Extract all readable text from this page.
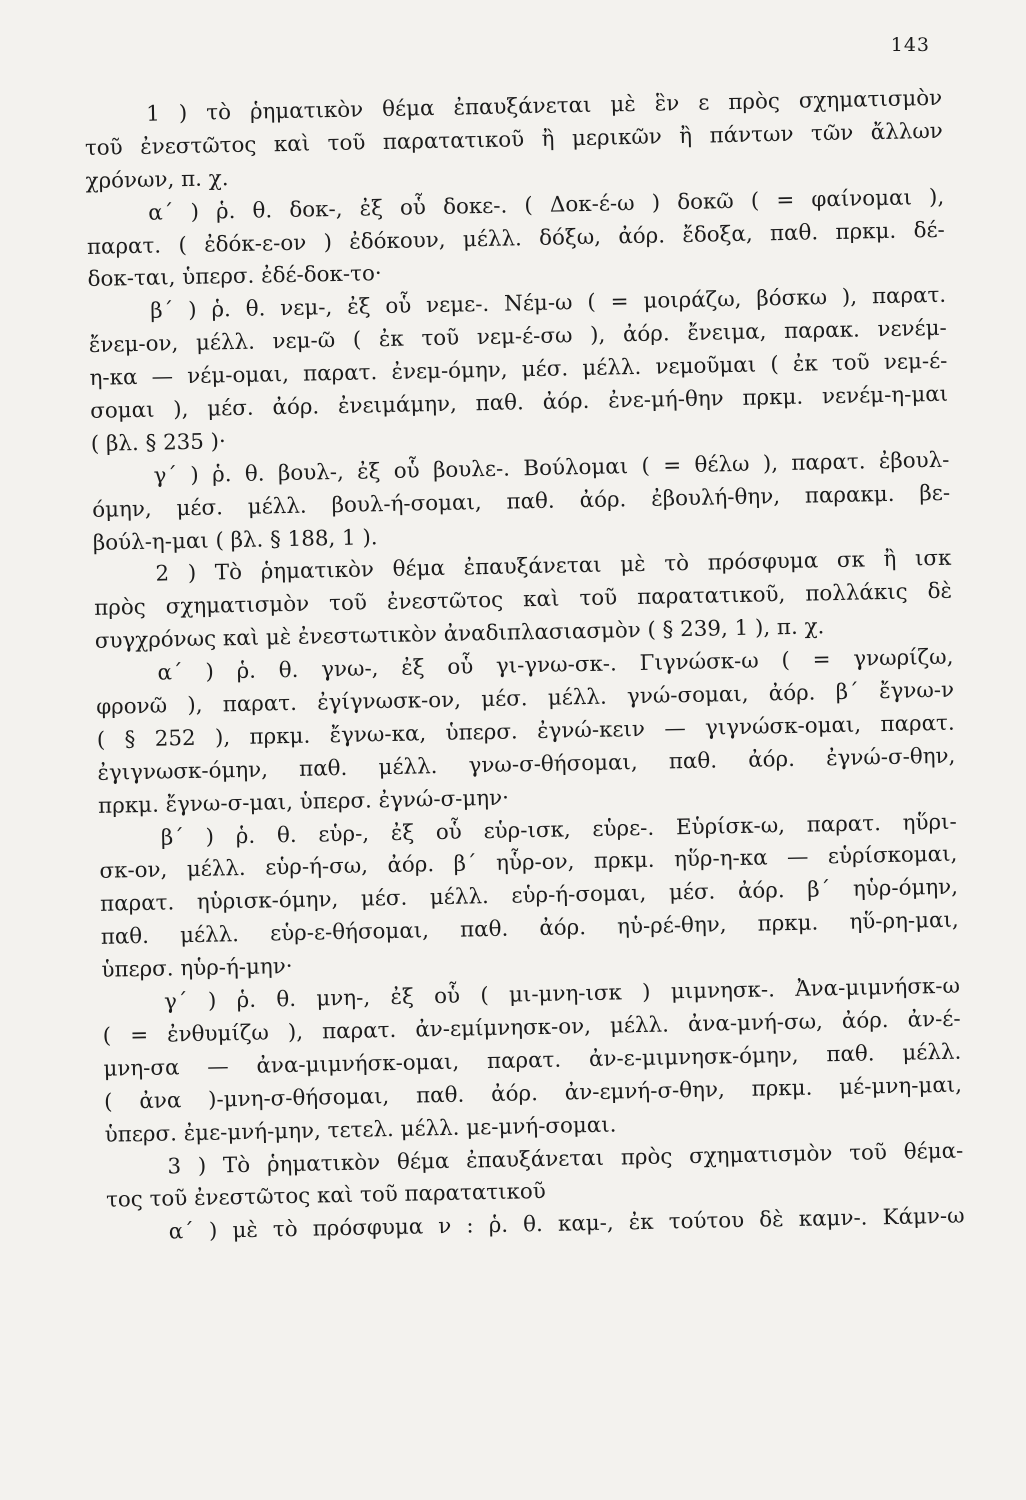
143
1 ) τὸ ῥηματικὸν θέμα ἐπαυξάνεται μὲ ἓν ε πρὸς σχηματισμὸν
τοῦ ἐνεστῶτος καὶ τοῦ παρατατικοῦ ἢ μερικῶν ἢ πάντων τῶν ἄλλων
χρόνων, π. χ.
α΄ ) ῥ. θ. δοκ-, ἐξ οὗ δοκε-. ( Δοκ-έ-ω ) δοκῶ ( = φαίνομαι ),
παρατ. ( ἐδόκ-ε-ον ) ἐδόκουν, μέλλ. δόξω, ἀόρ. ἔδοξα, παθ. πρκμ. δέ-
δοκ-ται, ὑπερσ. ἐδέ-δοκ-το·
β΄ ) ῥ. θ. νεμ-, ἐξ οὗ νεμε-. Νέμ-ω ( = μοιράζω, βόσκω ), παρατ.
ἔνεμ-ον, μέλλ. νεμ-ῶ ( ἐκ τοῦ νεμ-έ-σω ), ἀόρ. ἔνειμα, παρακ. νενέμ-
η-κα — νέμ-ομαι, παρατ. ἐνεμ-όμην, μέσ. μέλλ. νεμοῦμαι ( ἐκ τοῦ νεμ-έ-
σομαι ), μέσ. ἀόρ. ἐνειμάμην, παθ. ἀόρ. ἐνε-μή-θην πρκμ. νενέμ-η-μαι
( βλ. § 235 )·
γ΄ ) ῥ. θ. βουλ-, ἐξ οὗ βουλε-. Βούλομαι ( = θέλω ), παρατ. ἐβουλ-
όμην, μέσ. μέλλ. βουλ-ή-σομαι, παθ. ἀόρ. ἐβουλή-θην, παρακμ. βε-
βούλ-η-μαι ( βλ. § 188, 1 ).
2 ) Τὸ ῥηματικὸν θέμα ἐπαυξάνεται μὲ τὸ πρόσφυμα σκ ἢ ισκ
πρὸς σχηματισμὸν τοῦ ἐνεστῶτος καὶ τοῦ παρατατικοῦ, πολλάκις δὲ
συγχρόνως καὶ μὲ ἐνεστωτικὸν ἀναδιπλασιασμὸν ( § 239, 1 ), π. χ.
α΄ ) ῥ. θ. γνω-, ἐξ οὗ γι-γνω-σκ-. Γιγνώσκ-ω ( = γνωρίζω,
φρονῶ ), παρατ. ἐγίγνωσκ-ον, μέσ. μέλλ. γνώ-σομαι, ἀόρ. β΄ ἔγνω-ν
( § 252 ), πρκμ. ἔγνω-κα, ὑπερσ. ἐγνώ-κειν — γιγνώσκ-ομαι, παρατ.
ἐγιγνωσκ-όμην, παθ. μέλλ. γνω-σ-θήσομαι, παθ. ἀόρ. ἐγνώ-σ-θην,
πρκμ. ἔγνω-σ-μαι, ὑπερσ. ἐγνώ-σ-μην·
β΄ ) ῥ. θ. εὑρ-, ἐξ οὗ εὑρ-ισκ, εὑρε-. Εὑρίσκ-ω, παρατ. ηὕρι-
σκ-ον, μέλλ. εὑρ-ή-σω, ἀόρ. β΄ ηὗρ-ον, πρκμ. ηὕρ-η-κα — εὑρίσκομαι,
παρατ. ηὑρισκ-όμην, μέσ. μέλλ. εὑρ-ή-σομαι, μέσ. ἀόρ. β΄ ηὑρ-όμην,
παθ. μέλλ. εὑρ-ε-θήσομαι, παθ. ἀόρ. ηὑ-ρέ-θην, πρκμ. ηὕ-ρη-μαι,
ὑπερσ. ηὑρ-ή-μην·
γ΄ ) ῥ. θ. μνη-, ἐξ οὗ ( μι-μνη-ισκ ) μιμνησκ-. Ἀνα-μιμνήσκ-ω
( = ἐνθυμίζω ), παρατ. ἀν-εμίμνησκ-ον, μέλλ. ἀνα-μνή-σω, ἀόρ. ἀν-έ-
μνη-σα — ἀνα-μιμνήσκ-ομαι, παρατ. ἀν-ε-μιμνησκ-όμην, παθ. μέλλ.
( ἀνα )-μνη-σ-θήσομαι, παθ. ἀόρ. ἀν-εμνή-σ-θην, πρκμ. μέ-μνη-μαι,
ὑπερσ. ἐμε-μνή-μην, τετελ. μέλλ. με-μνή-σομαι.
3 ) Τὸ ῥηματικὸν θέμα ἐπαυξάνεται πρὸς σχηματισμὸν τοῦ θέμα-
τος τοῦ ἐνεστῶτος καὶ τοῦ παρατατικοῦ
α΄ ) μὲ τὸ πρόσφυμα ν : ῥ. θ. καμ-, ἐκ τούτου δὲ καμν-. Κάμν-ω
